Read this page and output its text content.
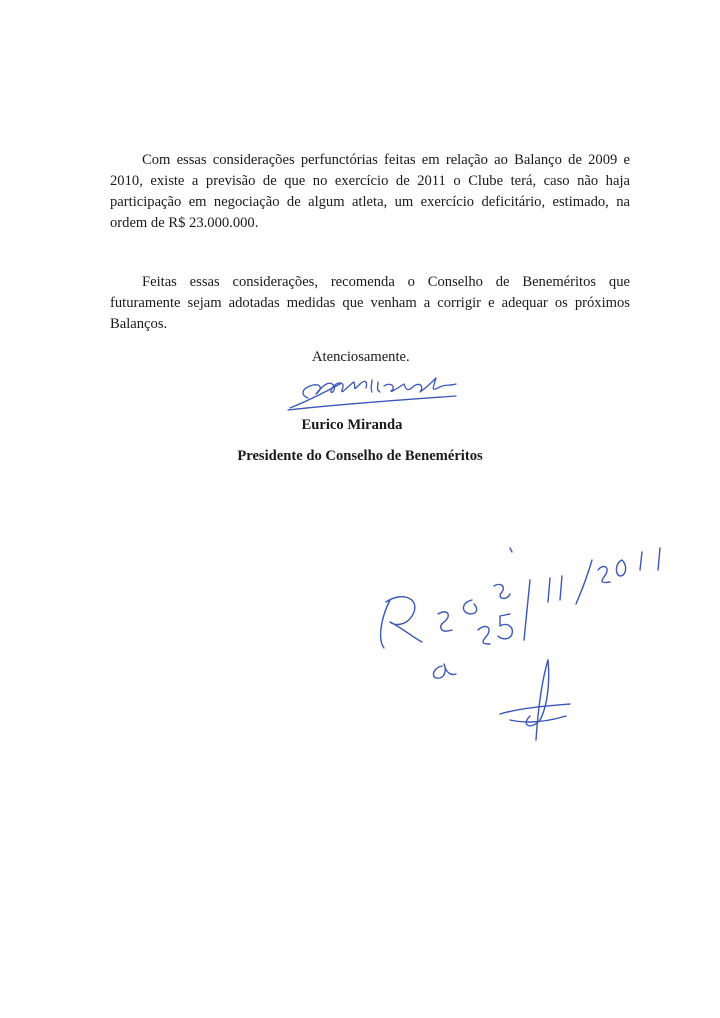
Com essas considerações perfunctórias feitas em relação ao Balanço de 2009 e 2010, existe a previsão de que no exercício de 2011 o Clube terá, caso não haja participação em negociação de algum atleta, um exercício deficitário, estimado, na ordem de R$ 23.000.000.

Feitas essas considerações, recomenda o Conselho de Beneméritos que futuramente sejam adotadas medidas que venham a corrigir e adequar os próximos Balanços.

Atenciosamente.

Eurico Miranda

Presidente do Conselho de Beneméritos
